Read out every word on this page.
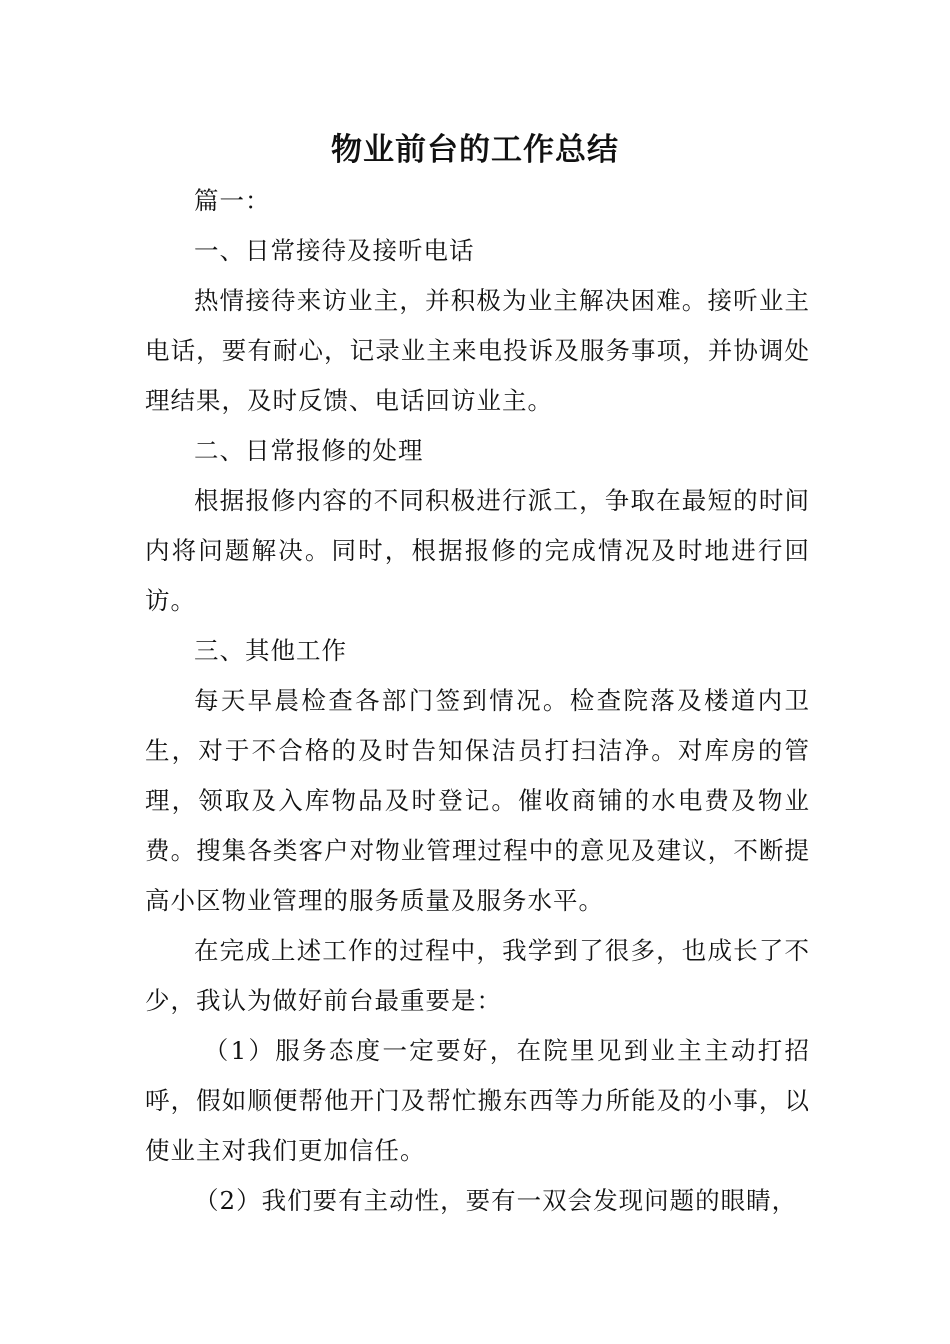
物业前台的工作总结

篇一：

一、日常接待及接听电话

热情接待来访业主，并积极为业主解决困难。接听业主电话，要有耐心，记录业主来电投诉及服务事项，并协调处理结果，及时反馈、电话回访业主。

二、日常报修的处理

根据报修内容的不同积极进行派工，争取在最短的时间内将问题解决。同时，根据报修的完成情况及时地进行回访。

三、其他工作

每天早晨检查各部门签到情况。检查院落及楼道内卫生，对于不合格的及时告知保洁员打扫洁净。对库房的管理，领取及入库物品及时登记。催收商铺的水电费及物业费。搜集各类客户对物业管理过程中的意见及建议，不断提高小区物业管理的服务质量及服务水平。

在完成上述工作的过程中，我学到了很多，也成长了不少，我认为做好前台最重要是：

（1）服务态度一定要好，在院里见到业主主动打招呼，假如顺便帮他开门及帮忙搬东西等力所能及的小事，以使业主对我们更加信任。

（2）我们要有主动性，要有一双会发现问题的眼睛，
